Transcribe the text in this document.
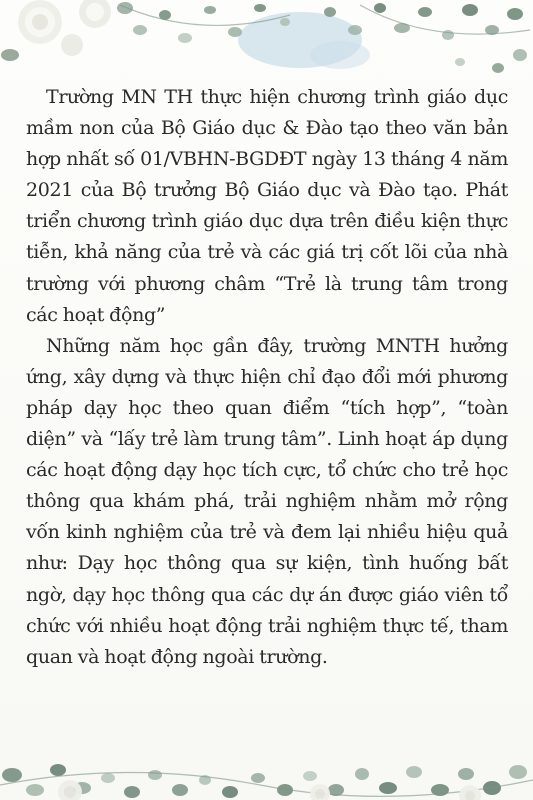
Trường MN TH thực hiện chương trình giáo dục mầm non của Bộ Giáo dục & Đào tạo theo văn bản hợp nhất số 01/VBHN-BGDĐT ngày 13 tháng 4 năm 2021 của Bộ trưởng Bộ Giáo dục và Đào tạo. Phát triển chương trình giáo dục dựa trên điều kiện thực tiễn, khả năng của trẻ và các giá trị cốt lõi của nhà trường với phương châm “Trẻ là trung tâm trong các hoạt động”

Những năm học gần đây, trường MNTH hưởng ứng, xây dựng và thực hiện chỉ đạo đổi mới phương pháp dạy học theo quan điểm “tích hợp”, “toàn diện” và “lấy trẻ làm trung tâm”. Linh hoạt áp dụng các hoạt động dạy học tích cực, tổ chức cho trẻ học thông qua khám phá, trải nghiệm nhằm mở rộng vốn kinh nghiệm của trẻ và đem lại nhiều hiệu quả như: Dạy học thông qua sự kiện, tình huống bất ngờ, dạy học thông qua các dự án được giáo viên tổ chức với nhiều hoạt động trải nghiệm thực tế, tham quan và hoạt động ngoài trường.
